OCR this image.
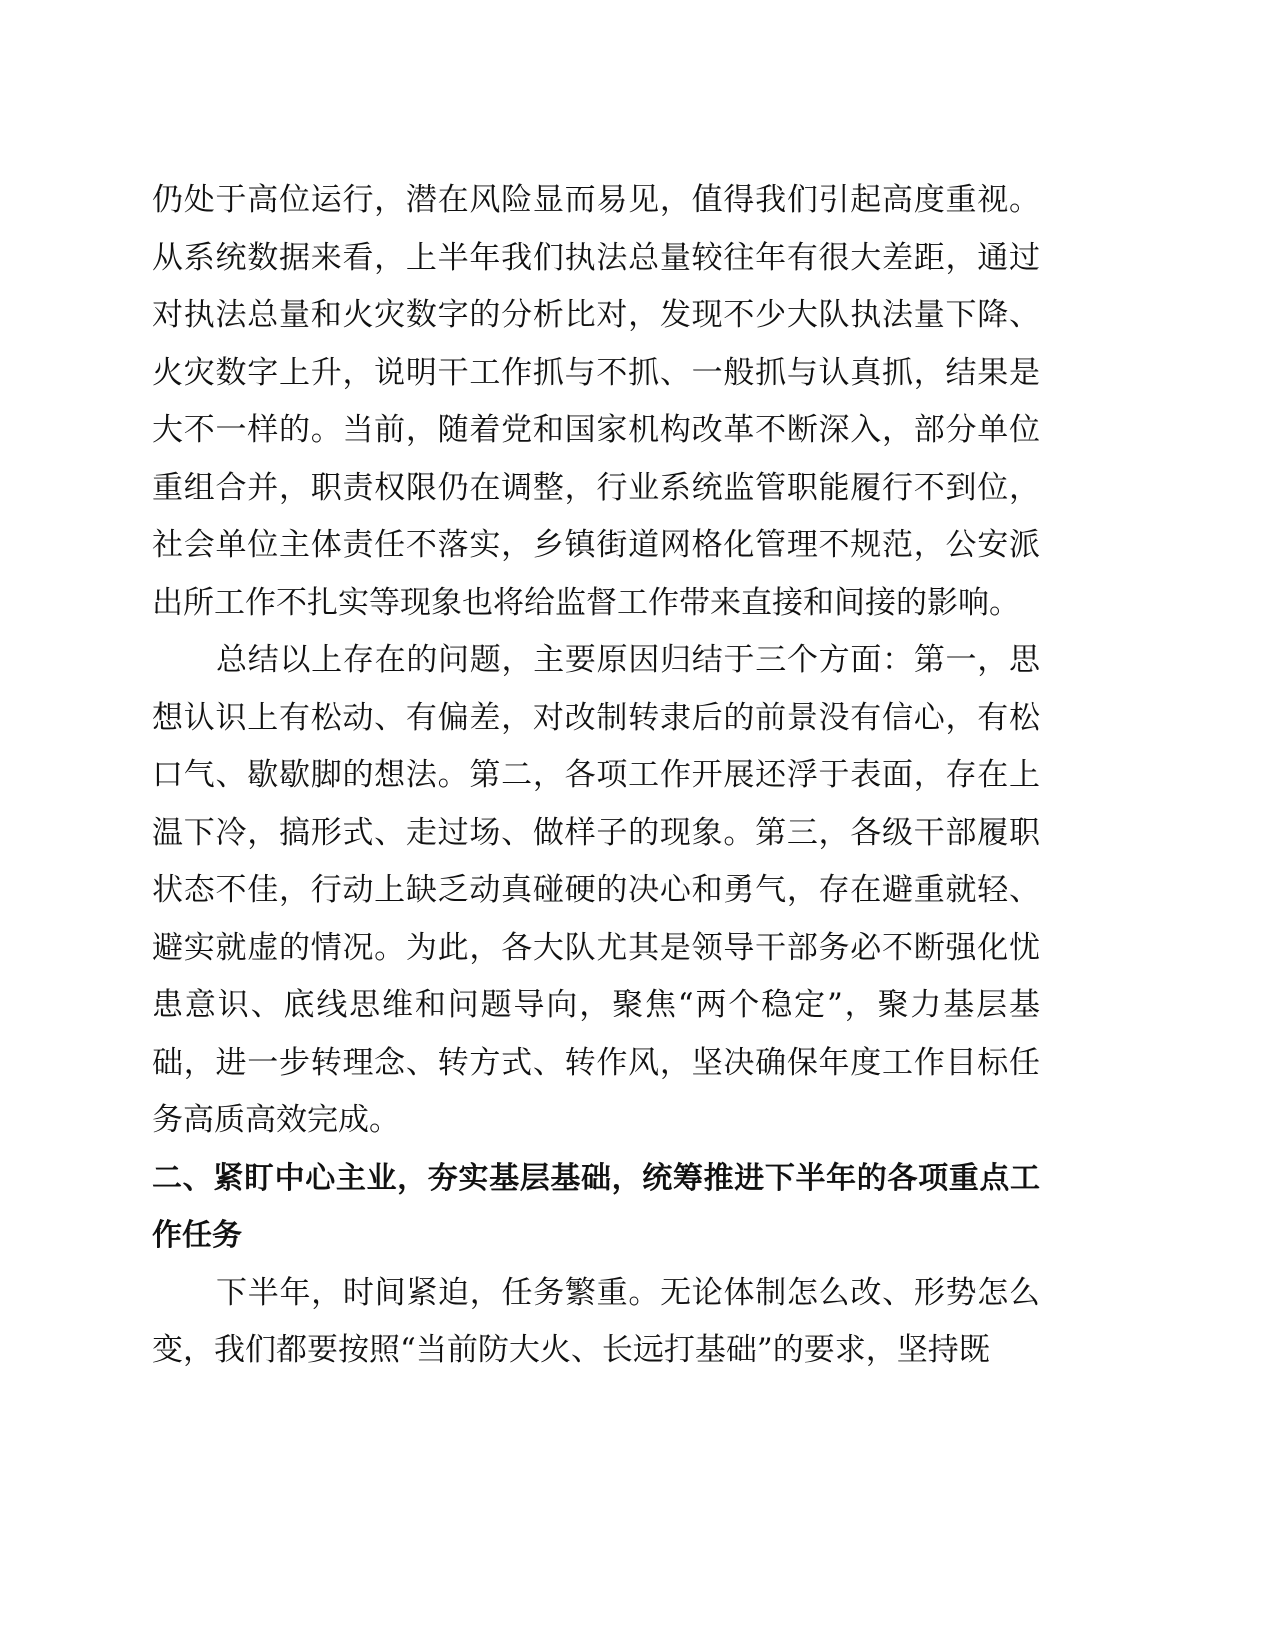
仍处于高位运行，潜在风险显而易见，值得我们引起高度重视。从系统数据来看，上半年我们执法总量较往年有很大差距，通过对执法总量和火灾数字的分析比对，发现不少大队执法量下降、火灾数字上升，说明干工作抓与不抓、一般抓与认真抓，结果是大不一样的。当前，随着党和国家机构改革不断深入，部分单位重组合并，职责权限仍在调整，行业系统监管职能履行不到位，社会单位主体责任不落实，乡镇街道网格化管理不规范，公安派出所工作不扎实等现象也将给监督工作带来直接和间接的影响。

总结以上存在的问题，主要原因归结于三个方面：第一，思想认识上有松动、有偏差，对改制转隶后的前景没有信心，有松口气、歇歇脚的想法。第二，各项工作开展还浮于表面，存在上温下冷，搞形式、走过场、做样子的现象。第三，各级干部履职状态不佳，行动上缺乏动真碰硬的决心和勇气，存在避重就轻、避实就虚的情况。为此，各大队尤其是领导干部务必不断强化忧患意识、底线思维和问题导向，聚焦“两个稳定”，聚力基层基础，进一步转理念、转方式、转作风，坚决确保年度工作目标任务高质高效完成。

二、紧盯中心主业，夯实基层基础，统筹推进下半年的各项重点工作任务

下半年，时间紧迫，任务繁重。无论体制怎么改、形势怎么变，我们都要按照“当前防大火、长远打基础”的要求，坚持既
